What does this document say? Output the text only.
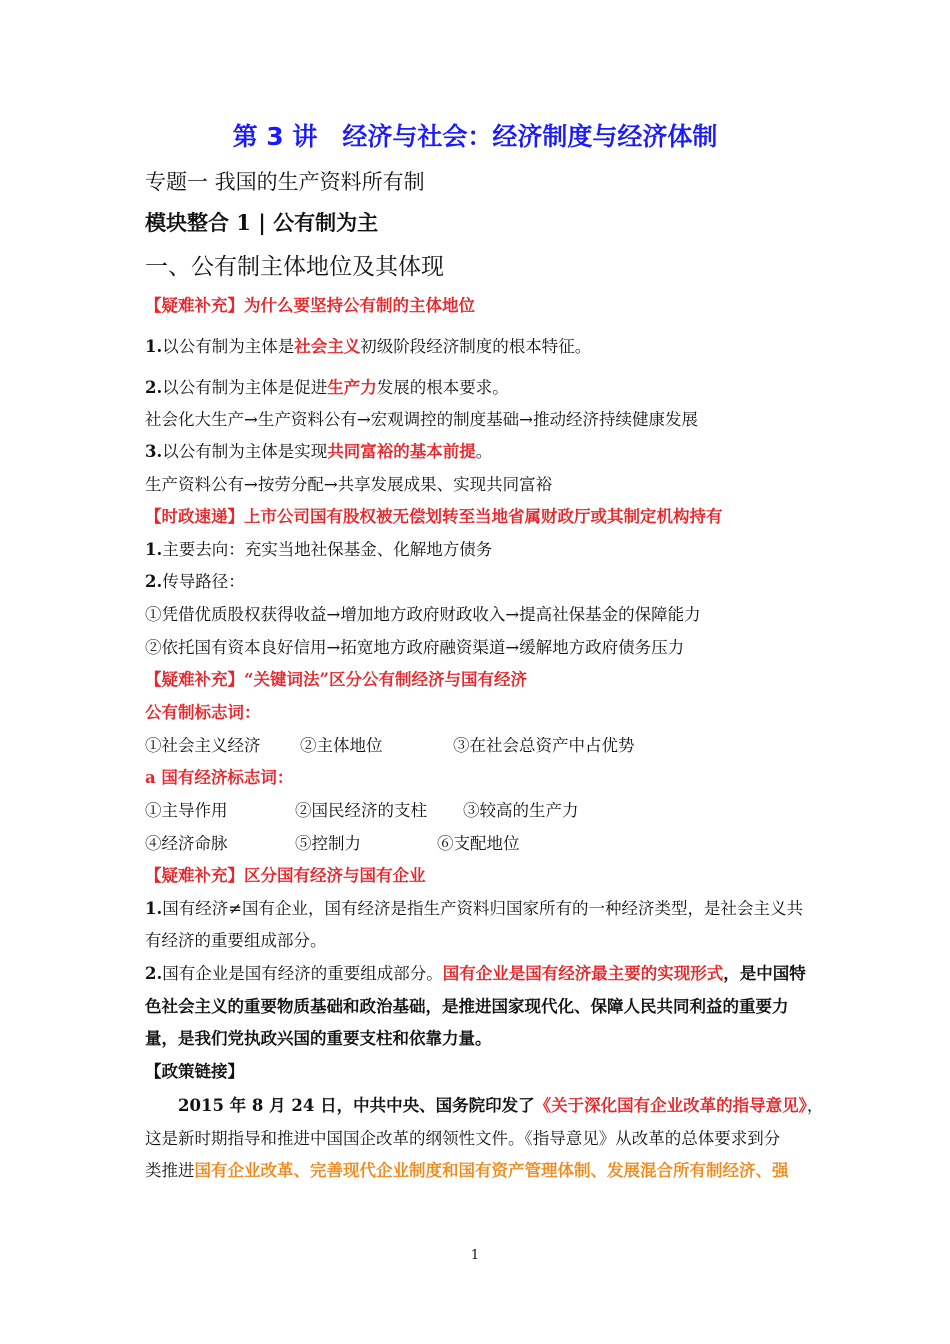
第 3 讲　经济与社会：经济制度与经济体制
专题一 我国的生产资料所有制
模块整合 1 | 公有制为主
一、公有制主体地位及其体现
【疑难补充】为什么要坚持公有制的主体地位
1.以公有制为主体是社会主义初级阶段经济制度的根本特征。
2.以公有制为主体是促进生产力发展的根本要求。
社会化大生产→生产资料公有→宏观调控的制度基础→推动经济持续健康发展
3.以公有制为主体是实现共同富裕的基本前提。
生产资料公有→按劳分配→共享发展成果、实现共同富裕
【时政速递】上市公司国有股权被无偿划转至当地省属财政厅或其制定机构持有
1.主要去向：充实当地社保基金、化解地方债务
2.传导路径：
①凭借优质股权获得收益→增加地方政府财政收入→提高社保基金的保障能力
②依托国有资本良好信用→拓宽地方政府融资渠道→缓解地方政府债务压力
【疑难补充】“关键词法”区分公有制经济与国有经济
公有制标志词：
①社会主义经济 ②主体地位	③在社会总资产中占优势
a 国有经济标志词：
①主导作用	②国民经济的支柱 ③较高的生产力
④经济命脉	⑤控制力	⑥支配地位
【疑难补充】区分国有经济与国有企业
1.国有经济≠国有企业，国有经济是指生产资料归国家所有的一种经济类型，是社会主义共
有经济的重要组成部分。
2.国有企业是国有经济的重要组成部分。国有企业是国有经济最主要的实现形式，是中国特
色社会主义的重要物质基础和政治基础，是推进国家现代化、保障人民共同利益的重要力
量，是我们党执政兴国的重要支柱和依靠力量。
【政策链接】
2015 年 8 月 24 日，中共中央、国务院印发了《关于深化国有企业改革的指导意见》，
这是新时期指导和推进中国国企改革的纲领性文件。《指导意见》从改革的总体要求到分
类推进国有企业改革、完善现代企业制度和国有资产管理体制、发展混合所有制经济、强
1
